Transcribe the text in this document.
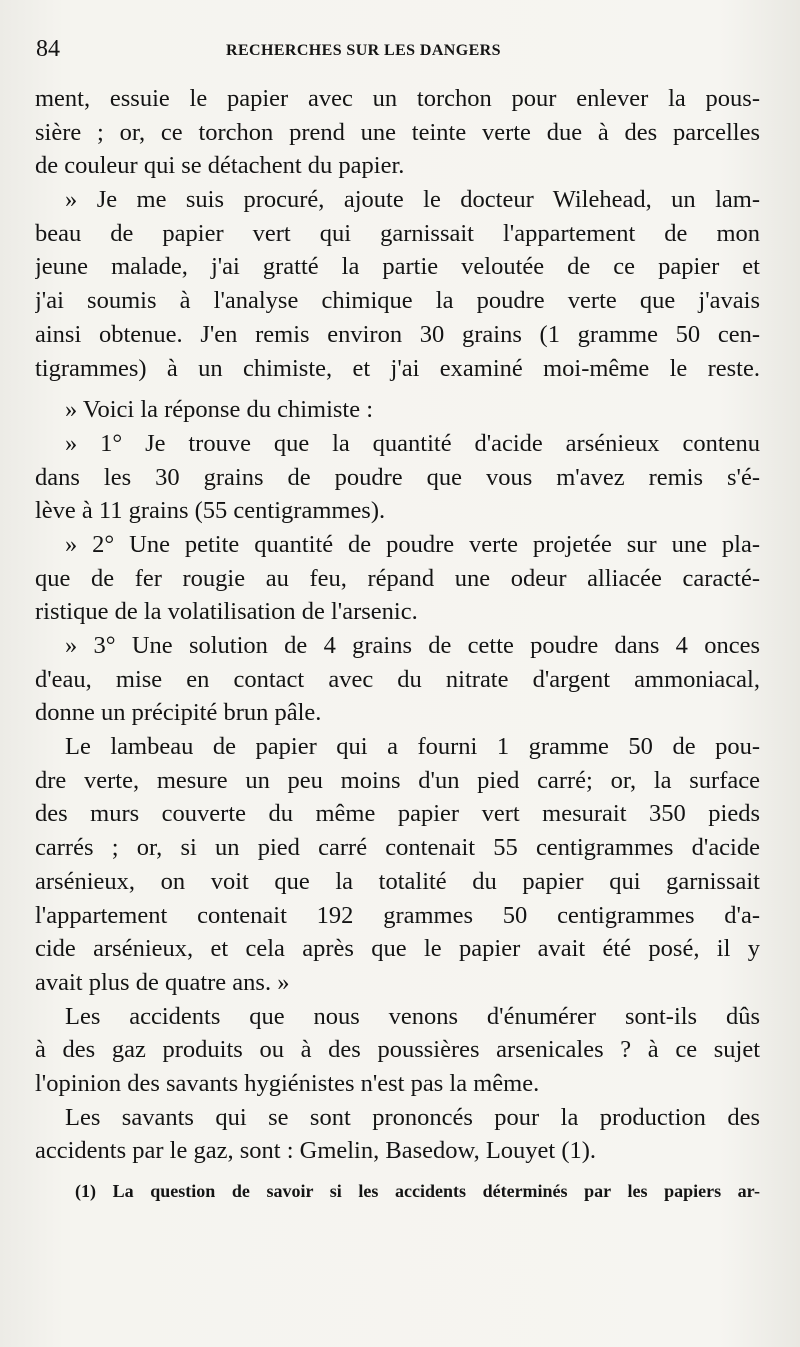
84	RECHERCHES SUR LES DANGERS
ment, essuie le papier avec un torchon pour enlever la pous-
sière ; or, ce torchon prend une teinte verte due à des parcelles
de couleur qui se détachent du papier.
» Je me suis procuré, ajoute le docteur Wilehead, un lam-
beau de papier vert qui garnissait l'appartement de mon
jeune malade, j'ai gratté la partie veloutée de ce papier et
j'ai soumis à l'analyse chimique la poudre verte que j'avais
ainsi obtenue. J'en remis environ 30 grains (1 gramme 50 cen-
tigrammes) à un chimiste, et j'ai examiné moi-même le reste.
» Voici la réponse du chimiste :
» 1° Je trouve que la quantité d'acide arsénieux contenu
dans les 30 grains de poudre que vous m'avez remis s'é-
lève à 11 grains (55 centigrammes).
» 2° Une petite quantité de poudre verte projetée sur une pla-
que de fer rougie au feu, répand une odeur alliacée caracté-
ristique de la volatilisation de l'arsenic.
» 3° Une solution de 4 grains de cette poudre dans 4 onces
d'eau, mise en contact avec du nitrate d'argent ammoniacal,
donne un précipité brun pâle.
Le lambeau de papier qui a fourni 1 gramme 50 de pou-
dre verte, mesure un peu moins d'un pied carré; or, la surface
des murs couverte du même papier vert mesurait 350 pieds
carrés ; or, si un pied carré contenait 55 centigrammes d'acide
arsénieux, on voit que la totalité du papier qui garnissait
l'appartement contenait 192 grammes 50 centigrammes d'a-
cide arsénieux, et cela après que le papier avait été posé, il y
avait plus de quatre ans. »
Les accidents que nous venons d'énumérer sont-ils dûs
à des gaz produits ou à des poussières arsenicales ? à ce sujet
l'opinion des savants hygiénistes n'est pas la même.
Les savants qui se sont prononcés pour la production des
accidents par le gaz, sont : Gmelin, Basedow, Louyet (1).
(1) La question de savoir si les accidents déterminés par les papiers ar-
